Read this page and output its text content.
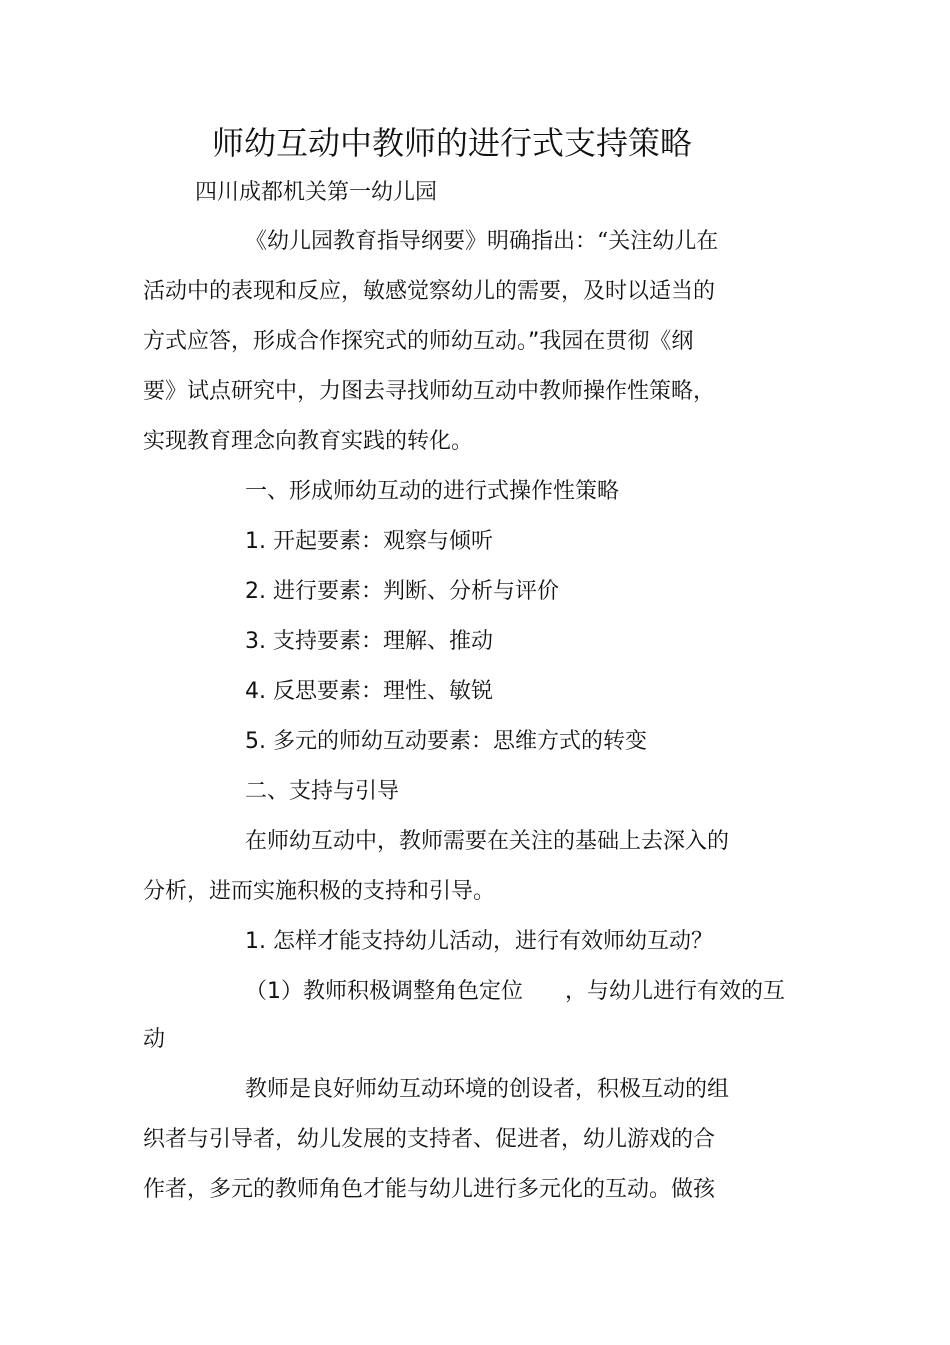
师幼互动中教师的进行式支持策略
四川成都机关第一幼儿园
《幼儿园教育指导纲要》明确指出：“关注幼儿在
活动中的表现和反应，敏感觉察幼儿的需要，及时以适当的
方式应答，形成合作探究式的师幼互动。”我园在贯彻《纲
要》试点研究中，力图去寻找师幼互动中教师操作性策略，
实现教育理念向教育实践的转化。
一、形成师幼互动的进行式操作性策略
1. 开起要素：观察与倾听
2. 进行要素：判断、分析与评价
3. 支持要素：理解、推动
4. 反思要素：理性、敏锐
5. 多元的师幼互动要素：思维方式的转变
二、支持与引导
在师幼互动中，教师需要在关注的基础上去深入的
分析，进而实施积极的支持和引导。
1. 怎样才能支持幼儿活动，进行有效师幼互动？
（1）教师积极调整角色定位 ，与幼儿进行有效的互
动
教师是良好师幼互动环境的创设者，积极互动的组
织者与引导者，幼儿发展的支持者、促进者，幼儿游戏的合
作者，多元的教师角色才能与幼儿进行多元化的互动。做孩
